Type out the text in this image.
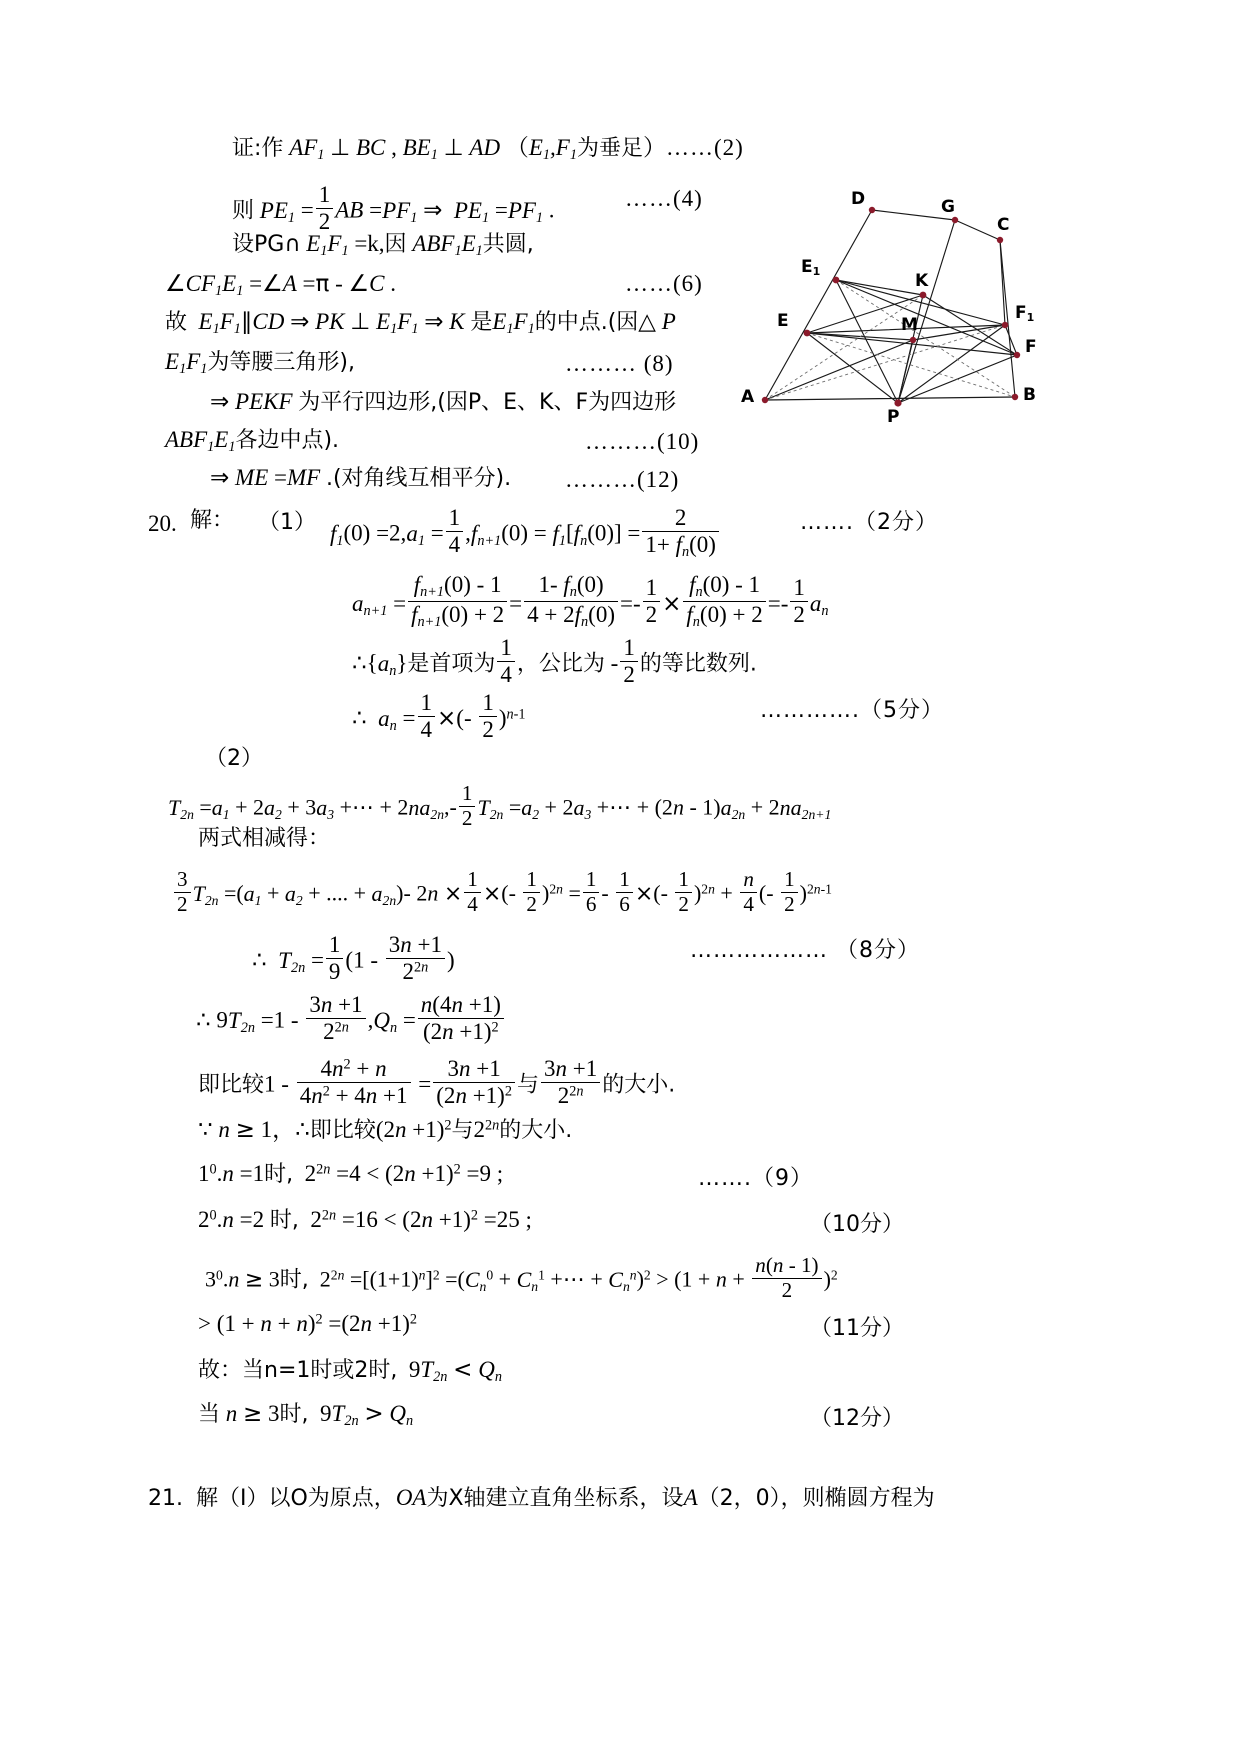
D	G
C
E1	K
E	M
F1
F
A
P
B
证:作 $AF_1$ ⊥ BC , $BE_1$ ⊥ AD （$E_1,F_1$为垂足）……(2)
则 $PE_1 = \frac{1}{2}$ AB $=PF_1$ ⇒ $PE_1 =PF_1$ .	……(4)
设PG∩ $E_1F_1 =k$,因 $ABF_1E_1$共圆,
$\angle CF_1E_1$ =∠A =π - ∠C .	……(6)
故 $E_1F_1\parallel CD$ ⇒ PK ⊥ $E_1F_1$ ⇒ K 是$E_1F_1$的中点.(因△ P
$E_1F_1$为等腰三角形),	……… (8)
⇒ PEKF 为平行四边形,(因P、E、K、F为四边形
$ABF_1E_1$各边中点).	………(10)
⇒ ME =MF .(对角线互相平分). ………(12)
20. 解： （1） $f_1(0) =2,a_1 = \frac{1}{4} ,f_{n+1}(0) = f_1[f_n(0)] = \frac{2}{1+ f_n(0)}$	…….（2分）
$a_{n+1} = \frac{f_{n+1}(0) - 1}{f_{n+1}(0) + 2} = \frac{1- f_n(0)}{4 + 2f_n(0)} =- \frac{1}{2} \times \frac{f_n(0) - 1}{f_n(0) + 2} =- \frac{1}{2} a_n$
$\therefore\{a_n\}$是首项为 $\frac{1}{4}$ ，公比为 - $\frac{1}{2}$ 的等比数列.
∴ $a_n = \frac{1}{4}$ ×(- $\frac{1}{2} )^{n-1}$	………….（5分）
（2）
$T_{2n} =a_1 + 2a_2 + 3a_3$ +⋯ + $2na_{2n},- \frac{1}{2} T_{2n} =a_2 + 2a_3$ +⋯ + $(2n - 1)a_{2n} + 2na_{2n+1}$
两式相减得：
$\frac{3}{2} T_{2n} =(a_1 + a_2$ + .... + $a_{2n})-$ $2n \times \frac{1}{4}$ ×(- $\frac{1}{2} )^{2n} = \frac{1}{6} - \frac{1}{6}$ ×(- $\frac{1}{2} )^{2n} + \frac{n}{4}$ (- $\frac{1}{2} )^{2n-1}$
∴ $T_{2n} = \frac{1}{9} (1 - \frac{3n +1}{2^{2n}}$ )	……………… （8分）
∴ $9T_{2n} =1 - \frac{3n +1}{2^{2n}} ,Q_n = \frac{n(4n +1)}{(2n +1)^2}$
即比较$1 - \frac{4n^2 + n}{4n^2 + 4n +1} = \frac{3n +1}{(2n +1)^2}$ 与 $\frac{3n +1}{2^{2n}}$ 的大小.
∵ n ≥ 1，∴即比较$(2n +1)^2$与$2^{2n}$的大小.
$1^0.n =1$时,  $2^{2n} =4 < (2n +1)^2 =9$ ;	…….（9）
$2^0.n =2$ 时,  $2^{2n} =16 < (2n +1)^2 =25$ ;	（10分）
$3^0.n \ge 3$时,  $2^{2n} =[(1+1)^n]^2 =(C_n^0 + C_n^1$ +⋯ + $C_n^n)^2 > (1 + n + \frac{n(n - 1)}{2} )^2$
> $(1 + n + n)^2 =(2n +1)^2$	（11分）
故：当n=1时或2时,  $9T_{2n} < Q_n$
当 n ≥ 3时,  $9T_{2n} > Q_n$	（12分）
21. 解（I）以O为原点，OA为X轴建立直角坐标系，设A（2，0），则椭圆方程为
